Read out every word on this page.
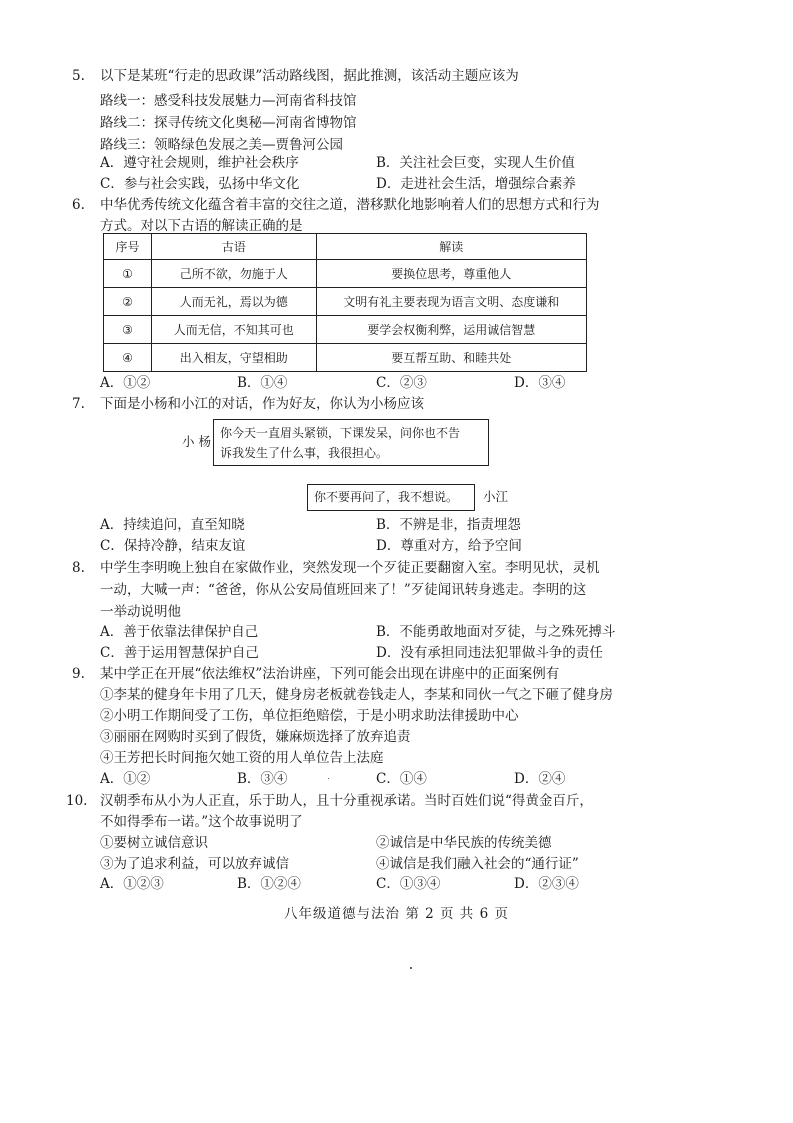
5. 以下是某班“行走的思政课”活动路线图，据此推测，该活动主题应该为
路线一：感受科技发展魅力—河南省科技馆
路线二：探寻传统文化奥秘—河南省博物馆
路线三：领略绿色发展之美—贾鲁河公园
A．遵守社会规则，维护社会秩序	B．关注社会巨变，实现人生价值
C．参与社会实践，弘扬中华文化	D．走进社会生活，增强综合素养
6. 中华优秀传统文化蕴含着丰富的交往之道，潜移默化地影响着人们的思想方式和行为
方式。对以下古语的解读正确的是
序号	古语	解读
①	己所不欲，勿施于人	要换位思考，尊重他人
②	人而无礼，焉以为德	文明有礼主要表现为语言文明、态度谦和
③	人而无信，不知其可也	要学会权衡利弊，运用诚信智慧
④	出入相友，守望相助	要互帮互助、和睦共处
A．①②	B．①④	C．②③	D．③④
7. 下面是小杨和小江的对话，作为好友，你认为小杨应该
小 杨
你今天一直眉头紧锁，下课发呆，问你也不告
诉我发生了什么事，我很担心。
你不要再问了，我不想说。	小江
A．持续追问，直至知晓	B．不辨是非，指责埋怨
C．保持冷静，结束友谊	D．尊重对方，给予空间
8. 中学生李明晚上独自在家做作业，突然发现一个歹徒正要翻窗入室。李明见状，灵机
一动，大喊一声：“爸爸，你从公安局值班回来了！”歹徒闻讯转身逃走。李明的这
一举动说明他
A．善于依靠法律保护自己	B．不能勇敢地面对歹徒，与之殊死搏斗
C．善于运用智慧保护自己	D．没有承担同违法犯罪做斗争的责任
9. 某中学正在开展“依法维权”法治讲座，下列可能会出现在讲座中的正面案例有
①李某的健身年卡用了几天，健身房老板就卷钱走人，李某和同伙一气之下砸了健身房
②小明工作期间受了工伤，单位拒绝赔偿，于是小明求助法律援助中心
③丽丽在网购时买到了假货，嫌麻烦选择了放弃追责
④王芳把长时间拖欠她工资的用人单位告上法庭
A．①②	B．③④	C．①④	D．②④
10. 汉朝季布从小为人正直，乐于助人，且十分重视承诺。当时百姓们说“得黄金百斤，
不如得季布一诺。”这个故事说明了
①要树立诚信意识	②诚信是中华民族的传统美德
③为了追求利益，可以放弃诚信	④诚信是我们融入社会的“通行证”
A．①②③	B．①②④	C．①③④	D．②③④
八年级道德与法治 第 2 页 共 6 页
